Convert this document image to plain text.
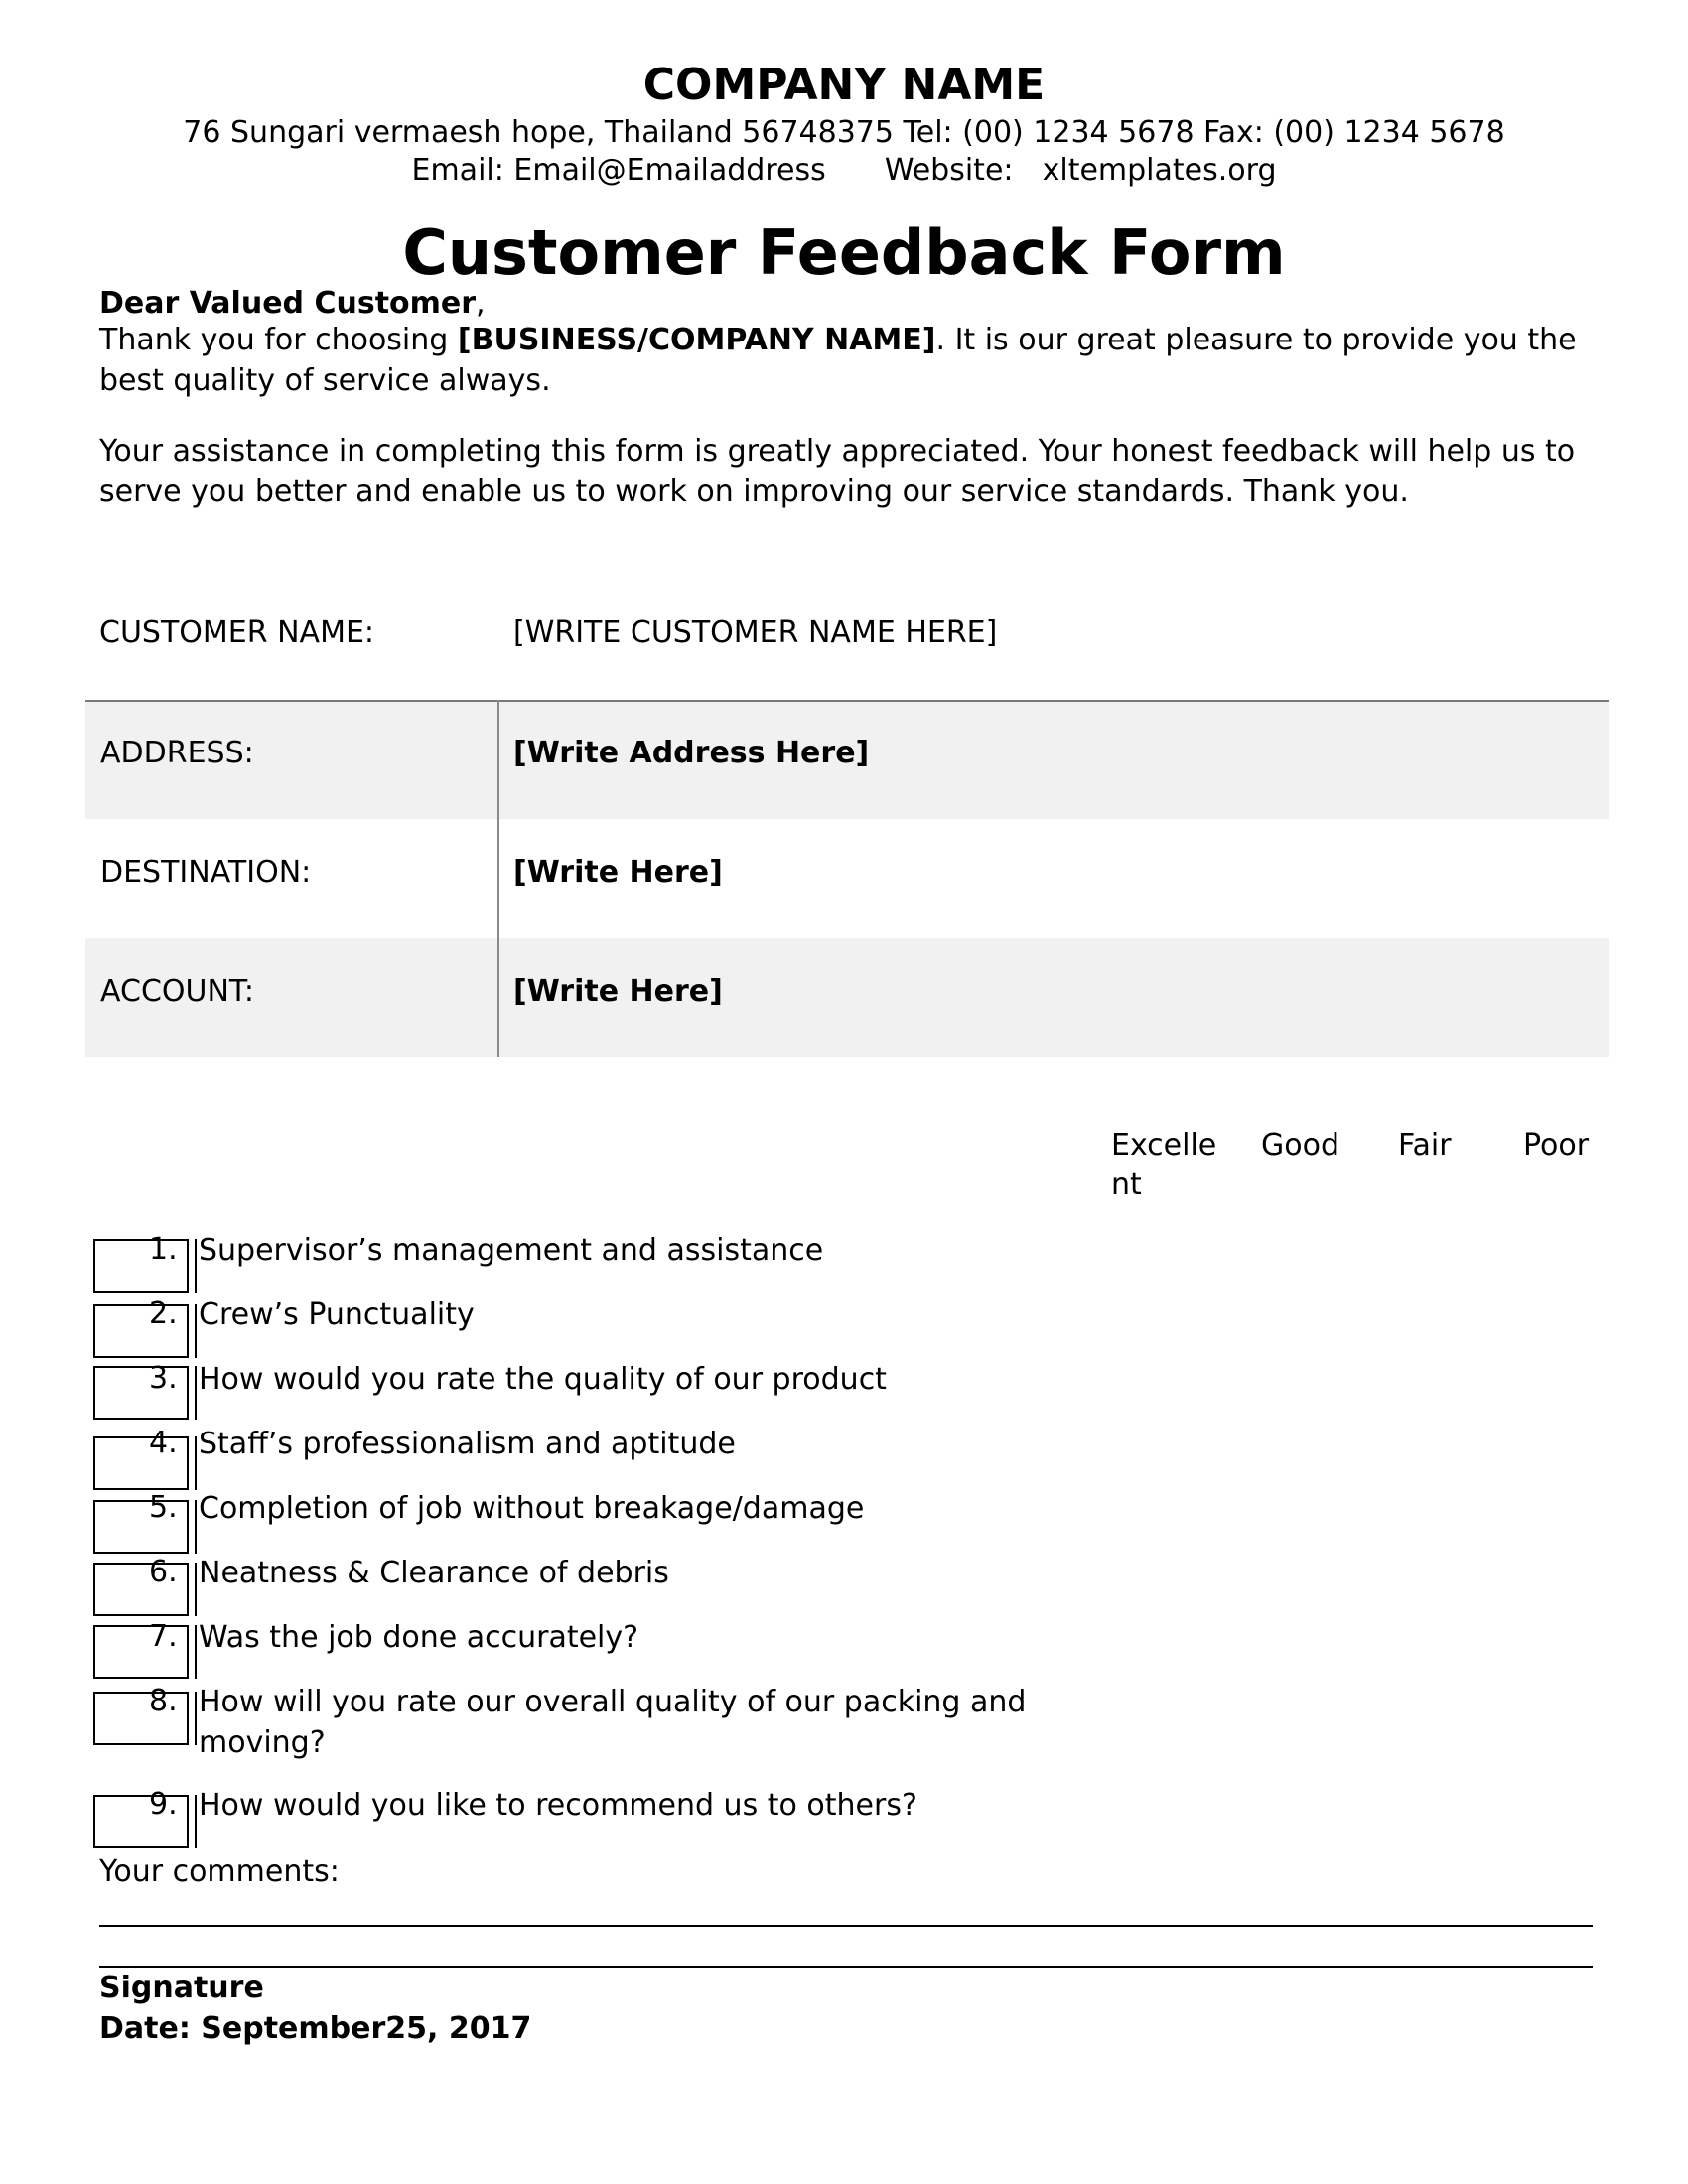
COMPANY NAME
76 Sungari vermaesh hope, Thailand 56748375 Tel: (00) 1234 5678 Fax: (00) 1234 5678
Email: Email@Emailaddress Website: xltemplates.org
Customer Feedback Form
Dear Valued Customer,
Thank you for choosing [BUSINESS/COMPANY NAME]. It is our great pleasure to provide you the best quality of service always.
Your assistance in completing this form is greatly appreciated. Your honest feedback will help us to serve you better and enable us to work on improving our service standards. Thank you.
CUSTOMER NAME:	[WRITE CUSTOMER NAME HERE]
ADDRESS:	[Write Address Here]
DESTINATION:	[Write Here]
ACCOUNT:	[Write Here]
Excelle
nt
Good Fair Poor
1. Supervisor’s management and assistance
2. Crew’s Punctuality
3. How would you rate the quality of our product
4. Staff’s professionalism and aptitude
5. Completion of job without breakage/damage
6. Neatness & Clearance of debris
7. Was the job done accurately?
8. How will you rate our overall quality of our packing and moving?
9. How would you like to recommend us to others?
Your comments:
Signature
Date: September25, 2017
